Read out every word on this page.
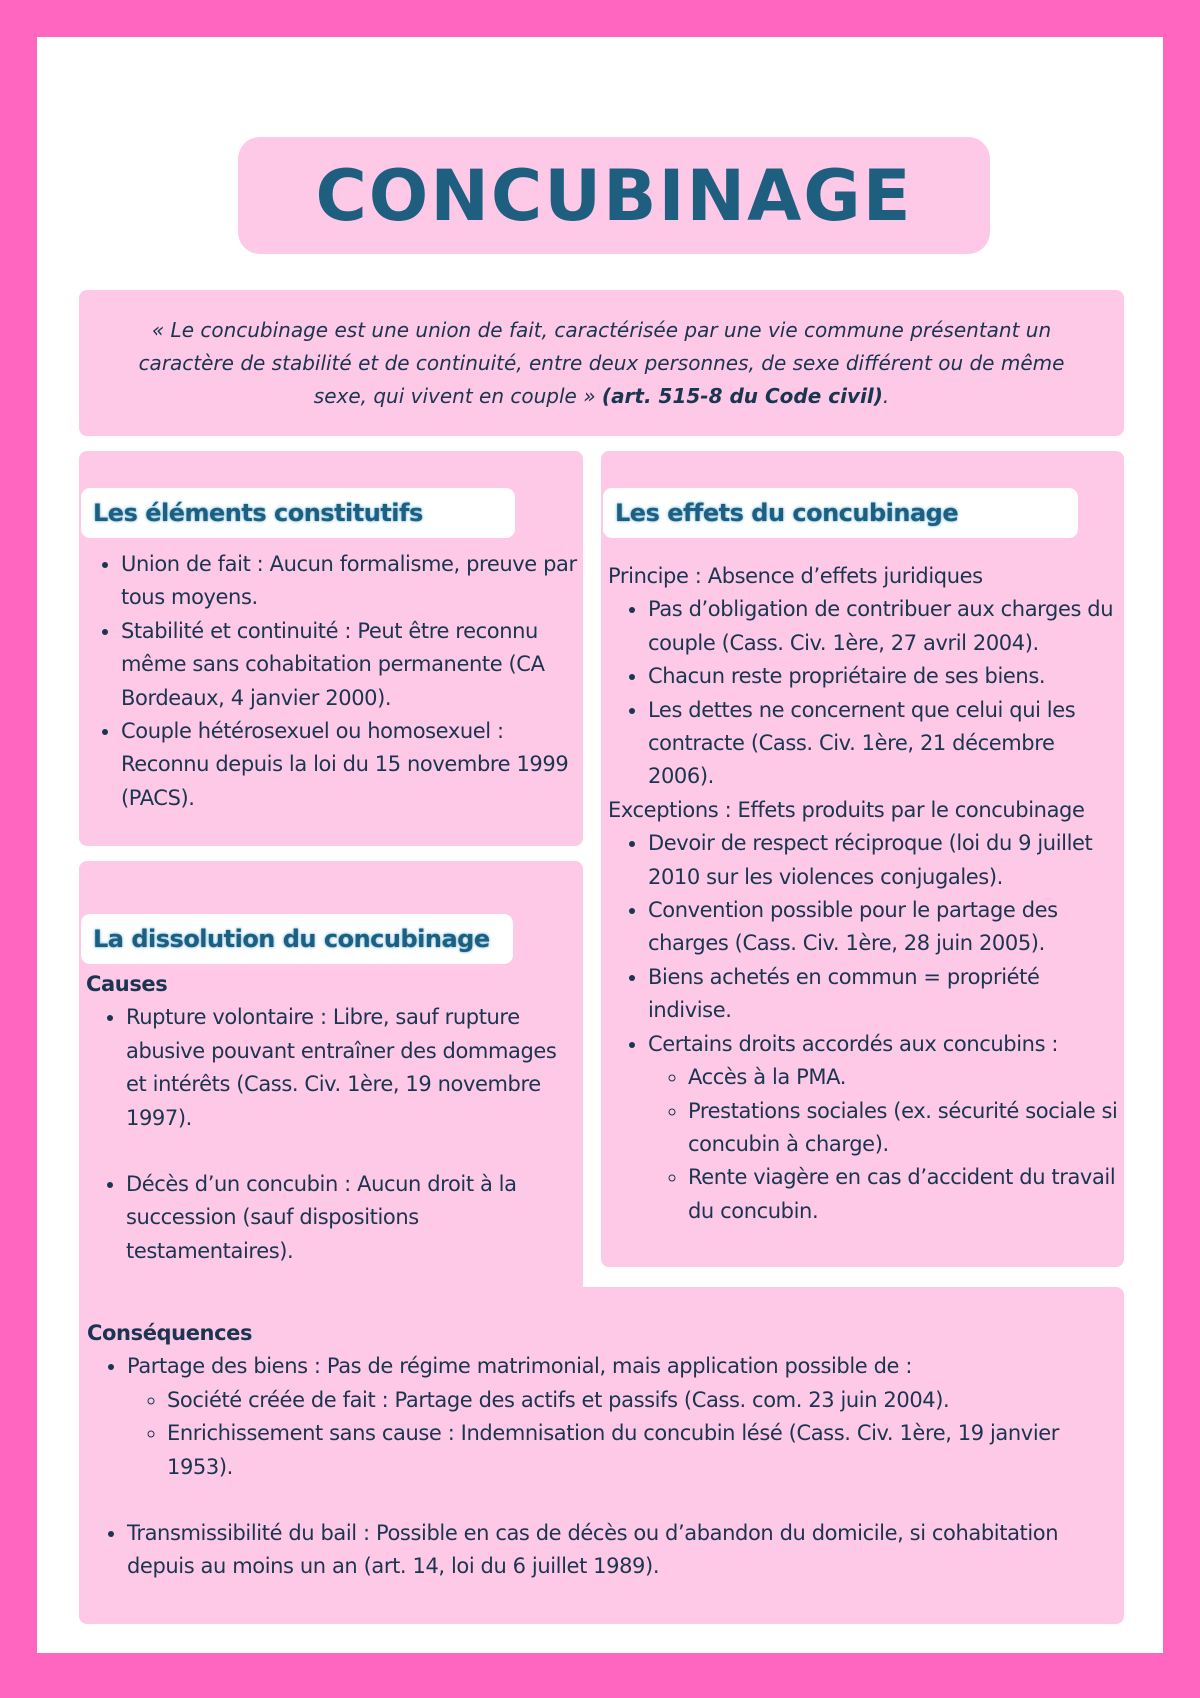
CONCUBINAGE
« Le concubinage est une union de fait, caractérisée par une vie commune présentant un caractère de stabilité et de continuité, entre deux personnes, de sexe différent ou de même sexe, qui vivent en couple » (art. 515-8 du Code civil).
Les éléments constitutifs	Les effets du concubinage
La dissolution du concubinage
• Union de fait : Aucun formalisme, preuve par tous moyens.
• Stabilité et continuité : Peut être reconnu même sans cohabitation permanente (CA Bordeaux, 4 janvier 2000).
• Couple hétérosexuel ou homosexuel : Reconnu depuis la loi du 15 novembre 1999 (PACS).
Principe : Absence d’effets juridiques
• Pas d’obligation de contribuer aux charges du couple (Cass. Civ. 1ère, 27 avril 2004).
• Chacun reste propriétaire de ses biens.
• Les dettes ne concernent que celui qui les contracte (Cass. Civ. 1ère, 21 décembre 2006).
Exceptions : Effets produits par le concubinage
• Devoir de respect réciproque (loi du 9 juillet 2010 sur les violences conjugales).
• Convention possible pour le partage des charges (Cass. Civ. 1ère, 28 juin 2005).
• Biens achetés en commun = propriété indivise.
• Certains droits accordés aux concubins :
◦ Accès à la PMA.
◦ Prestations sociales (ex. sécurité sociale si concubin à charge).
◦ Rente viagère en cas d’accident du travail du concubin.
Causes
• Rupture volontaire : Libre, sauf rupture abusive pouvant entraîner des dommages et intérêts (Cass. Civ. 1ère, 19 novembre 1997).
• Décès d’un concubin : Aucun droit à la succession (sauf dispositions testamentaires).
Conséquences
• Partage des biens : Pas de régime matrimonial, mais application possible de :
◦ Société créée de fait : Partage des actifs et passifs (Cass. com. 23 juin 2004).
◦ Enrichissement sans cause : Indemnisation du concubin lésé (Cass. Civ. 1ère, 19 janvier 1953).
• Transmissibilité du bail : Possible en cas de décès ou d’abandon du domicile, si cohabitation depuis au moins un an (art. 14, loi du 6 juillet 1989).
